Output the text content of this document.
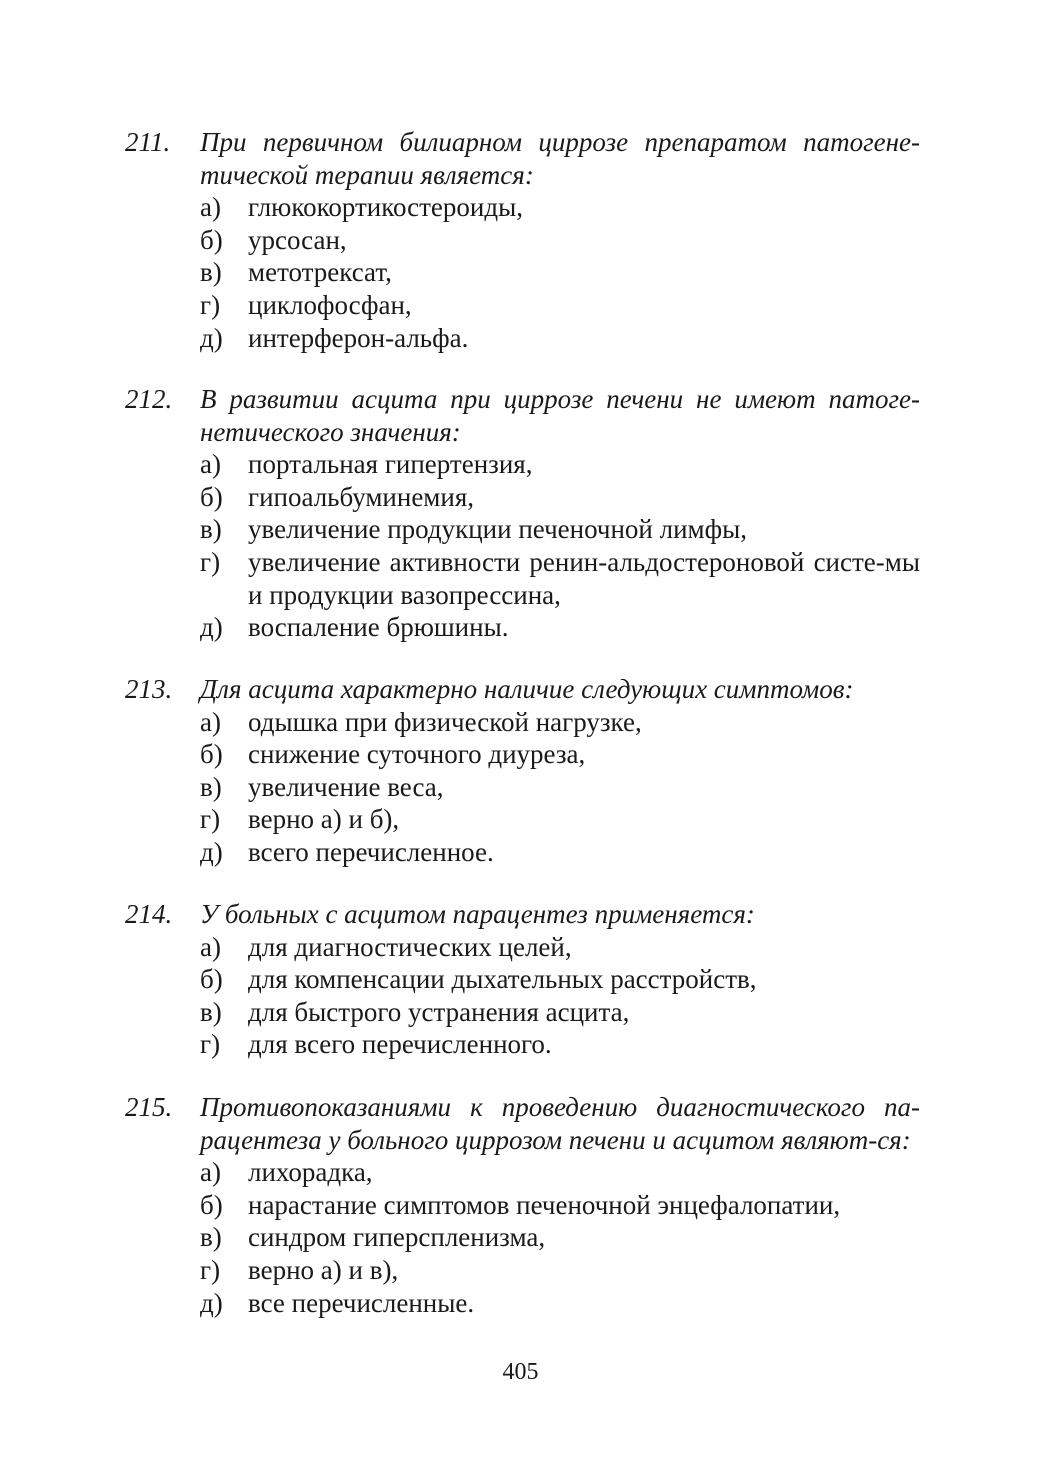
211. При первичном билиарном циррозе препаратом патогене-тической терапии является:
а) глюкокортикостероиды,
б) урсосан,
в) метотрексат,
г) циклофосфан,
д) интерферон-альфа.
212. В развитии асцита при циррозе печени не имеют патоге-нетического значения:
а) портальная гипертензия,
б) гипоальбуминемия,
в) увеличение продукции печеночной лимфы,
г) увеличение активности ренин-альдостероновой систе-мы и продукции вазопрессина,
д) воспаление брюшины.
213. Для асцита характерно наличие следующих симптомов:
а) одышка при физической нагрузке,
б) снижение суточного диуреза,
в) увеличение веса,
г) верно а) и б),
д) всего перечисленное.
214. У больных с асцитом парацентез применяется:
а) для диагностических целей,
б) для компенсации дыхательных расстройств,
в) для быстрого устранения асцита,
г) для всего перечисленного.
215. Противопоказаниями к проведению диагностического па-рацентеза у больного циррозом печени и асцитом являют-ся:
а) лихорадка,
б) нарастание симптомов печеночной энцефалопатии,
в) синдром гиперспленизма,
г) верно а) и в),
д) все перечисленные.
405
